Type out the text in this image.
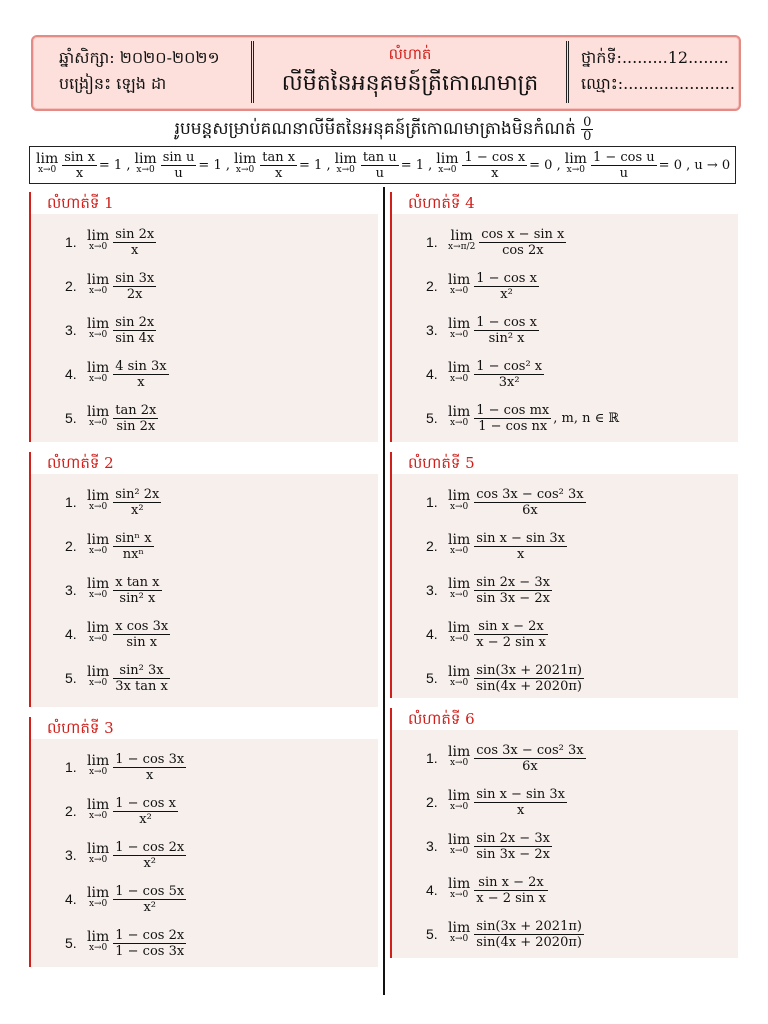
ឆ្នាំសិក្សា: ២០២០-២០២១
បង្រៀនះ ឡេង ដា
លំហាត់
លីមីតនៃអនុគមន៍ត្រីកោណមាត្រ
ថ្នាក់ទី:.........12........
ឈ្មោះ:......................
រូបមន្តសម្រាប់គណនាលីមីតនៃអនុគន៍ត្រីកោណមាត្រាងមិនកំណត់ $\frac{0}{0}$
lim
$x\to 0 \frac{\text{sin x}}{x} = 1$ , lim
$x\to 0 \frac{\text{sin u}}{u} = 1$ , lim
$x\to 0 \frac{\text{tan x}}{x} = 1$ , lim
$x\to 0 \frac{\text{tan u}}{u} = 1$ , lim
$x\to 0 \frac{\text{1 − cos x}}{x} = 0$ , lim
$x\to 0 \frac{\text{1 − cos u}}{u} = 0$ , u → 0
លំហាត់ទី 1
1. lim
$x\to 0 \frac{\sin 2x}{x}$
2. lim
$x\to 0 \frac{\sin 3x}{2x}$
3. lim
$x\to 0 \frac{\sin 2x}{\sin 4x}$
4. lim
$x\to 0 \frac{4 \sin 3x}{x}$
5. lim
$x\to 0 \frac{\tan 2x}{\sin 2x}$
លំហាត់ទី 2
1. lim
$x\to 0 \frac{\text{sin² 2x}}{\text{x²}}$
2. lim
x→0
sinⁿ x
nxⁿ
3. lim
$x\to 0 \frac{\text{x tan x}}{\text{sin² x}}$
4. lim
$x\to 0 \frac{\text{x cos 3x}}{\text{sin x}}$
5. lim
$x\to 0 \frac{\text{sin² 3x}}{\text{3x tan x}}$
លំហាត់ទី 3
1. lim
$x\to 0 \frac{1 - \cos 3x}{x}$
2. lim
$x\to 0 \frac{\text{1 − cos x}}{\text{x²}}$
3. lim
$x\to 0 \frac{1 - \cos 2x}{\text{x²}}$
4. lim
$x\to 0 \frac{1 - \cos 5x}{\text{x²}}$
5. lim
$x\to 0 \frac{1 - \cos 2x}{1 - \cos 3x}$
លំហាត់ទី 4
1. lim
$x\to\pi/2 \frac{\text{cos x − sin x}}{\cos 2x}$
2. lim
$x\to 0 \frac{\text{1 − cos x}}{\text{x²}}$
3. lim
$x\to 0 \frac{\text{1 − cos x}}{\text{sin² x}}$
4. lim
$x\to 0 \frac{\text{1 − cos² x}}{\text{3x²}}$
5. lim
$x\to 0 \frac{\text{1 − cos mx}}{\text{1 − cos nx}}$ , m, n ∈ ℝ
លំហាត់ទី 5
1. lim
$x\to 0 \frac{\text{cos 3x − cos² 3x}}{6x}$
2. lim
$x\to 0 \frac{\text{sin x − sin 3x}}{x}$
3. lim
$x\to 0 \frac{\sin 2x - 3x}{\sin 3x - 2x}$
4. lim
$x\to 0 \frac{\text{sin x − 2x}}{\text{x − 2 sin x}}$
5. lim
$x\to 0 \frac{\sin(3x + 2021\pi)}{\sin(4x + 2020\pi)}$
លំហាត់ទី 6
1. lim
$x\to 0 \frac{\text{cos 3x − cos² 3x}}{6x}$
2. lim
$x\to 0 \frac{\text{sin x − sin 3x}}{x}$
3. lim
$x\to 0 \frac{\sin 2x - 3x}{\sin 3x - 2x}$
4. lim
$x\to 0 \frac{\text{sin x − 2x}}{\text{x − 2 sin x}}$
5. lim
$x\to 0 \frac{\sin(3x + 2021\pi)}{\sin(4x + 2020\pi)}$
